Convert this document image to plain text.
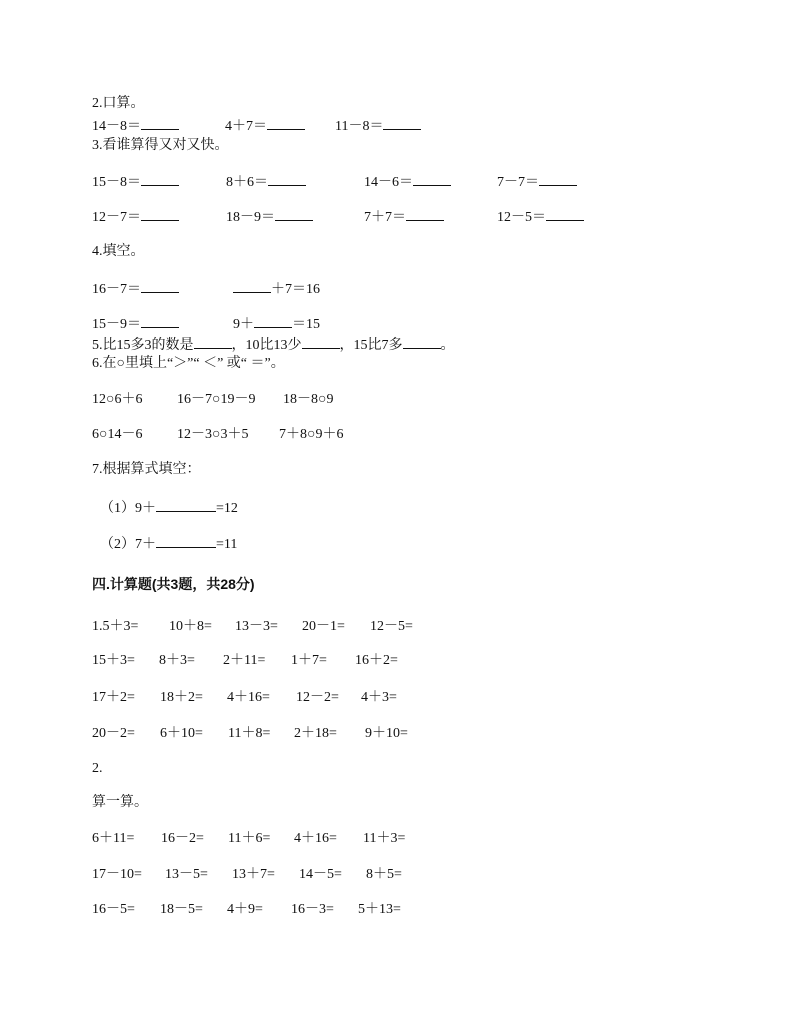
2.口算。
14－8＝	4＋7＝	11－8＝
3.看谁算得又对又快。
15－8＝	8＋6＝	14－6＝	7－7＝
12－7＝	18－9＝	7＋7＝	12－5＝
4.填空。
16－7＝	＋7＝16
15－9＝	9＋	＝15
5.比15多3的数是	，10比13少	，15比7多	。
6.在○里填上“＞”“ ＜” 或“ ＝”。
12○6＋6 16－7○19－9 18－8○9
6○14－6 12－3○3＋5 7＋8○9＋6
7.根据算式填空：
（1）9＋	=12
（2）7＋	=11
四.计算题(共3题，共28分)
1.5＋3= 10＋8= 13－3= 20－1= 12－5=
15＋3= 8＋3= 2＋11= 1＋7= 16＋2=
17＋2= 18＋2= 4＋16= 12－2= 4＋3=
20－2= 6＋10= 11＋8= 2＋18= 9＋10=
2.
算一算。
6＋11= 16－2= 11＋6= 4＋16= 11＋3=
17－10= 13－5= 13＋7= 14－5= 8＋5=
16－5= 18－5= 4＋9= 16－3= 5＋13=
